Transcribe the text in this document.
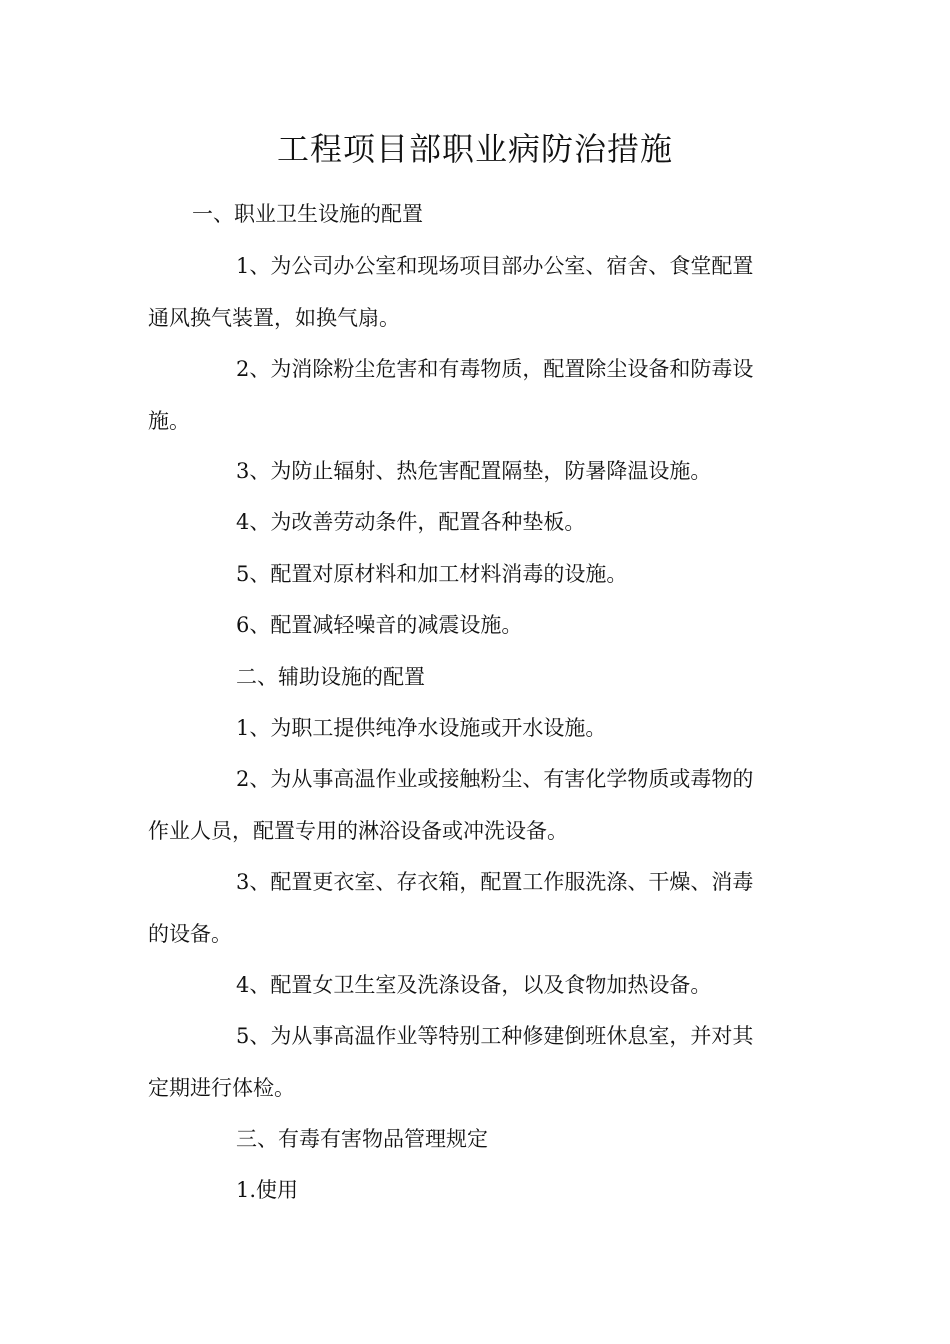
工程项目部职业病防治措施

一、职业卫生设施的配置

1、为公司办公室和现场项目部办公室、宿舍、食堂配置
通风换气装置，如换气扇。

2、为消除粉尘危害和有毒物质，配置除尘设备和防毒设
施。

3、为防止辐射、热危害配置隔垫，防暑降温设施。

4、为改善劳动条件，配置各种垫板。

5、配置对原材料和加工材料消毒的设施。

6、配置减轻噪音的减震设施。

二、辅助设施的配置

1、为职工提供纯净水设施或开水设施。

2、为从事高温作业或接触粉尘、有害化学物质或毒物的
作业人员，配置专用的淋浴设备或冲洗设备。

3、配置更衣室、存衣箱，配置工作服洗涤、干燥、消毒
的设备。

4、配置女卫生室及洗涤设备，以及食物加热设备。

5、为从事高温作业等特别工种修建倒班休息室，并对其
定期进行体检。

三、有毒有害物品管理规定

1.使用
